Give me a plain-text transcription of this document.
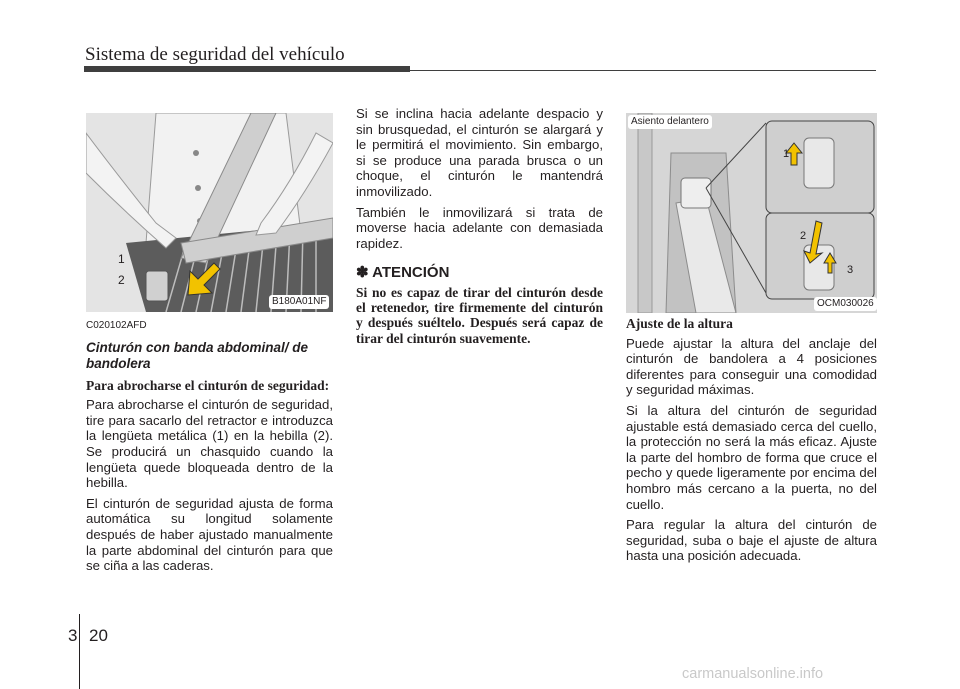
Sistema de seguridad del vehículo
1
2
B180A01NF
Asiento delantero
1
2
3
OCM030026
C020102AFD
Cinturón con banda abdominal/ de bandolera
Para abrocharse el cinturón de seguridad:

Para abrocharse el cinturón de seguridad, tire para sacarlo del retractor e introduzca la lengüeta metálica (1) en la hebilla (2). Se producirá un chasquido cuando la lengüeta quede bloqueada dentro de la hebilla.

El cinturón de seguridad ajusta de forma automática su longitud solamente después de haber ajustado manualmente la parte abdominal del cinturón para que se ciña a las caderas.

Si se inclina hacia adelante despacio y sin brusquedad, el cinturón se alargará y le permitirá el movimiento. Sin embargo, si se produce una parada brusca o un choque, el cinturón le mantendrá inmovilizado.

También le inmovilizará si trata de moverse hacia adelante con demasiada rapidez.

✽ ATENCIÓN
Si no es capaz de tirar del cinturón desde el retenedor, tire firmemente del cinturón y después suéltelo. Después será capaz de tirar del cinturón suavemente.
Ajuste de la altura

Puede ajustar la altura del anclaje del cinturón de bandolera a 4 posiciones diferentes para conseguir una comodidad y seguridad máximas.

Si la altura del cinturón de seguridad ajustable está demasiado cerca del cuello, la protección no será la más eficaz. Ajuste la parte del hombro de forma que cruce el pecho y quede ligeramente por encima del hombro más cercano a la puerta, no del cuello.

Para regular la altura del cinturón de seguridad, suba o baje el ajuste de altura hasta una posición adecuada.

3 20
carmanualsonline.info
